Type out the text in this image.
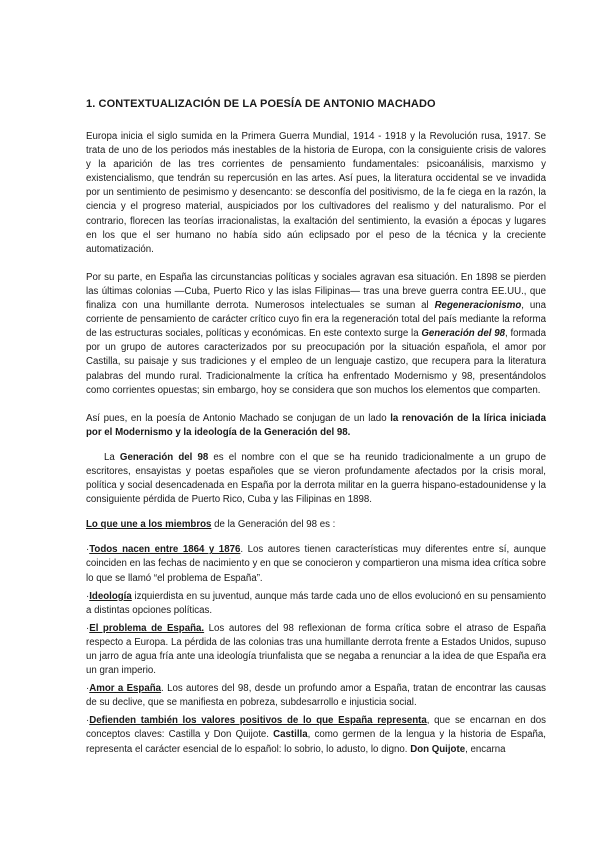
1. CONTEXTUALIZACIÓN DE LA POESÍA DE ANTONIO MACHADO

Europa inicia el siglo sumida en la Primera Guerra Mundial, 1914 - 1918 y la Revolución rusa, 1917. Se trata de uno de los periodos más inestables de la historia de Europa, con la consiguiente crisis de valores y la aparición de las tres corrientes de pensamiento fundamentales: psicoanálisis, marxismo y existencialismo, que tendrán su repercusión en las artes. Así pues, la literatura occidental se ve invadida por un sentimiento de pesimismo y desencanto: se desconfía del positivismo, de la fe ciega en la razón, la ciencia y el progreso material, auspiciados por los cultivadores del realismo y del naturalismo. Por el contrario, florecen las teorías irracionalistas, la exaltación del sentimiento, la evasión a épocas y lugares en los que el ser humano no había sido aún eclipsado por el peso de la técnica y la creciente automatización.

Por su parte, en España las circunstancias políticas y sociales agravan esa situación. En 1898 se pierden las últimas colonias —Cuba, Puerto Rico y las islas Filipinas— tras una breve guerra contra EE.UU., que finaliza con una humillante derrota. Numerosos intelectuales se suman al Regeneracionismo, una corriente de pensamiento de carácter crítico cuyo fin era la regeneración total del país mediante la reforma de las estructuras sociales, políticas y económicas. En este contexto surge la Generación del 98, formada por un grupo de autores caracterizados por su preocupación por la situación española, el amor por Castilla, su paisaje y sus tradiciones y el empleo de un lenguaje castizo, que recupera para la literatura palabras del mundo rural. Tradicionalmente la crítica ha enfrentado Modernismo y 98, presentándolos como corrientes opuestas; sin embargo, hoy se considera que son muchos los elementos que comparten.

Así pues, en la poesía de Antonio Machado se conjugan de un lado la renovación de la lírica iniciada por el Modernismo y la ideología de la Generación del 98.

La Generación del 98 es el nombre con el que se ha reunido tradicionalmente a un grupo de escritores, ensayistas y poetas españoles que se vieron profundamente afectados por la crisis moral, política y social desencadenada en España por la derrota militar en la guerra hispano-estadounidense y la consiguiente pérdida de Puerto Rico, Cuba y las Filipinas en 1898.

Lo que une a los miembros de la Generación del 98 es :

·Todos nacen entre 1864 y 1876. Los autores tienen características muy diferentes entre sí, aunque coinciden en las fechas de nacimiento y en que se conocieron y compartieron una misma idea crítica sobre lo que se llamó “el problema de España”.

·Ideología izquierdista en su juventud, aunque más tarde cada uno de ellos evolucionó en su pensamiento a distintas opciones políticas.

·El problema de España. Los autores del 98 reflexionan de forma crítica sobre el atraso de España respecto a Europa. La pérdida de las colonias tras una humillante derrota frente a Estados Unidos, supuso un jarro de agua fría ante una ideología triunfalista que se negaba a renunciar a la idea de que España era un gran imperio.

·Amor a España. Los autores del 98, desde un profundo amor a España, tratan de encontrar las causas de su declive, que se manifiesta en pobreza, subdesarrollo e injusticia social.

·Defienden también los valores positivos de lo que España representa, que se encarnan en dos conceptos claves: Castilla y Don Quijote. Castilla, como germen de la lengua y la historia de España, representa el carácter esencial de lo español: lo sobrio, lo adusto, lo digno. Don Quijote, encarna
